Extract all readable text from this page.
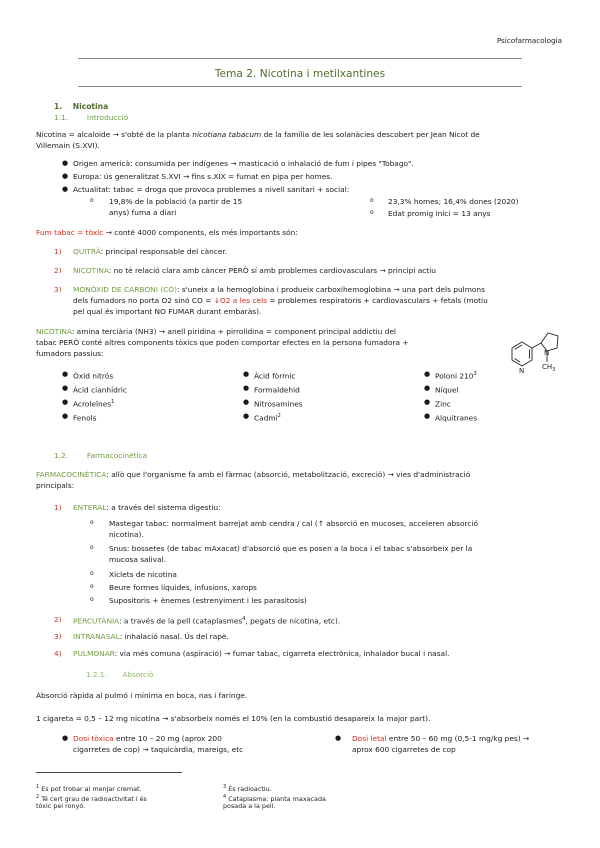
Psicofarmacologia
Tema 2. Nicotina i metilxantines
1. Nicotina
1.1.	Introducció
Nicotina = alcaloide → s'obté de la planta nicotiana tabacum de la família de les solanàcies descobert per Jean Nicot de
Villemain (S.XVI).
● Origen americà: consumida per indígenes → masticació o inhalació de fum i pipes "Tobago".
● Europa: ús generalitzat S.XVI → fins s.XIX = fumat en pipa per homes.
● Actualitat: tabac = droga que provoca problemes a nivell sanitari + social:
o 19,8% de la població (a partir de 15
anys) fuma a diari
o 23,3% homes; 16,4% dones (2020)
o Edat promig inici = 13 anys
Fum tabac = tòxic → conté 4000 components, els més importants són:
1) QUITRÀ: principal responsable del càncer.
2) NICOTINA: no té relació clara amb càncer PERÒ sí amb problemes cardiovasculars → principi actiu
3) MONÒXID DE CARBONI (CO): s'uneix a la hemoglobina i produeix carboxihemoglobina → una part dels pulmons
dels fumadors no porta O2 sinó CO = ↓O2 a les cels = problemes respiratoris + cardiovasculars + fetals (motiu
pel qual és important NO FUMAR durant embaràs).
NICOTINA: amina terciària (NH3) → anell piridina + pirrolidina = component principal addictiu del
tabac PERÒ conté altres components tòxics que poden comportar efectes en la persona fumadora +
fumadors passius:
N
N
$CH_3$
● Òxid nitrós
● Àcid cianhídric
● Acroleïnes$^1$
● Fenols
● Àcid fòrmic
● Formaldehid
● Nitrosamines
● Cadmi$^2$
● Poloni $210^3$
● Níquel
● Zinc
● Alquitranes
1.2.	Farmacocinètica
FARMACOCINÈTICA: allò que l'organisme fa amb el fàrmac (absorció, metabolització, excreció) → vies d'administració
principals:
1) ENTERAL: a través del sistema digestiu:
o Mastegar tabac: normalment barrejat amb cendra / cal (↑ absorció en mucoses, acceleren absorció
nicotina).
o Snus: bossetes (de tabac mAxacat) d'absorció que es posen a la boca i el tabac s'absorbeix per la
mucosa salival.
o Xiclets de nicotina
o Beure formes líquides, infusions, xarops
o Supositoris + ènemes (estrenyiment i les parasitosis)
2) PERCUTÀNIA: a través de la pell (cataplasmes$^4$, pegats de nicotina, etc).
3) INTRANASAL: inhalació nasal. Ús del rapè.
4) PULMONAR: via més comuna (aspiració) → fumar tabac, cigarreta electrònica, inhalador bucal i nasal.
1.2.1. Absorció
Absorció ràpida al pulmó i mínima en boca, nas i faringe.
1 cigareta = 0,5 – 12 mg nicotina → s'absorbeix només el 10% (en la combustió desapareix la major part).
● Dosi tòxica entre 10 – 20 mg (aprox 200
cigarretes de cop) → taquicàrdia, mareigs, etc
● Dosi letal entre 50 – 60 mg (0,5-1 mg/kg pes) →
aprox 600 cigarretes de cop
$^1$ Es pot trobar al menjar cremat.
$^2$ Té cert grau de radioactivitat i és
tòxic pel ronyó.
$^3$ És radioactiu.
$^4$ Cataplasma: planta maxacada
posada a la pell.
